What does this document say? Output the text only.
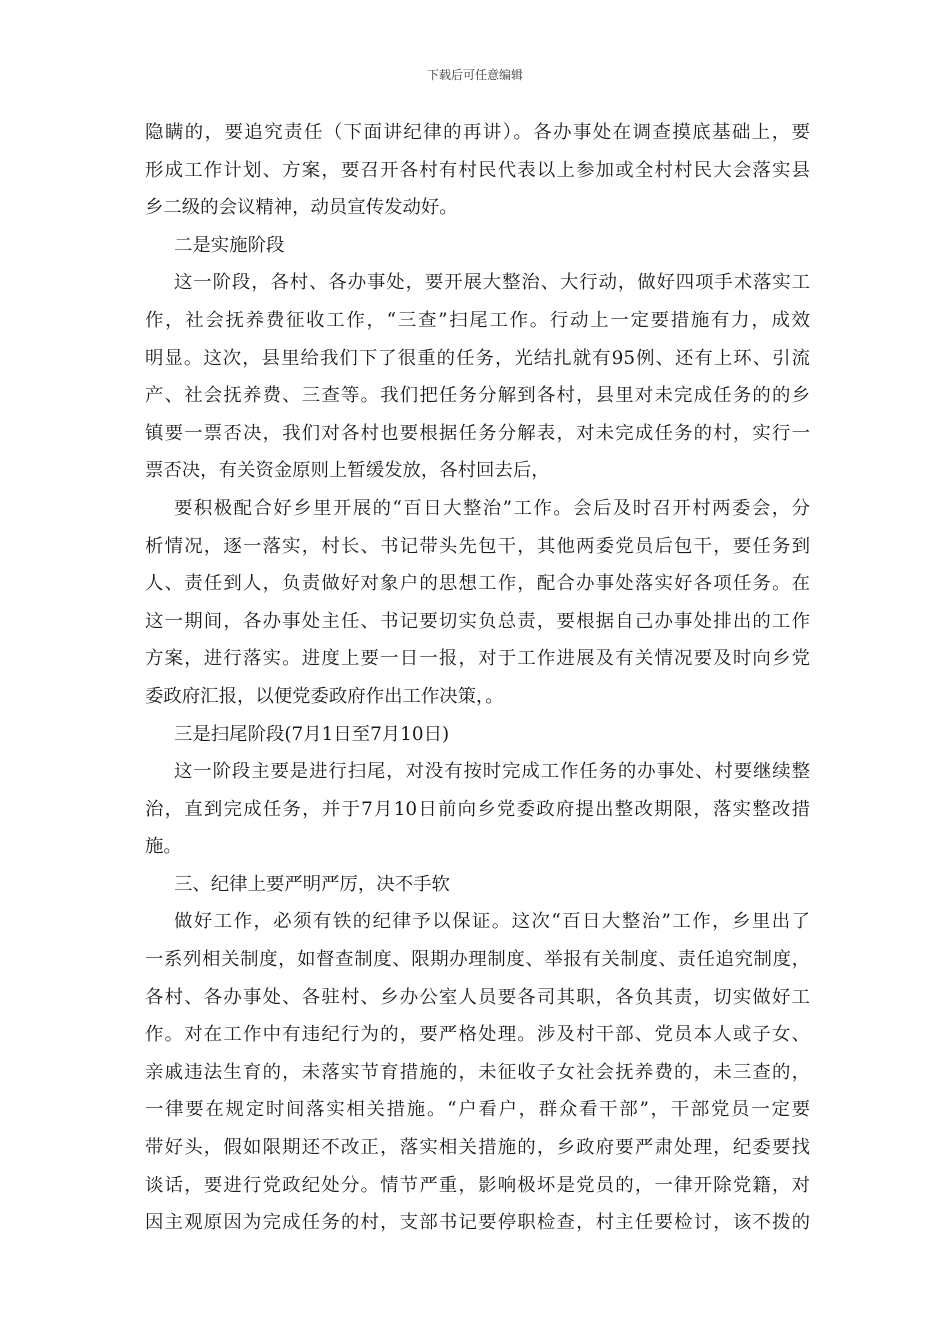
下载后可任意编辑
隐瞒的，要追究责任（下面讲纪律的再讲）。各办事处在调查摸底基础上，要
形成工作计划、方案，要召开各村有村民代表以上参加或全村村民大会落实县
乡二级的会议精神，动员宣传发动好。
二是实施阶段
这一阶段，各村、各办事处，要开展大整治、大行动，做好四项手术落实工
作，社会抚养费征收工作，“三查”扫尾工作。行动上一定要措施有力，成效
明显。这次，县里给我们下了很重的任务，光结扎就有95例、还有上环、引流
产、社会抚养费、三查等。我们把任务分解到各村，县里对未完成任务的的乡
镇要一票否决，我们对各村也要根据任务分解表，对未完成任务的村，实行一
票否决，有关资金原则上暂缓发放，各村回去后，
要积极配合好乡里开展的“百日大整治”工作。会后及时召开村两委会，分
析情况，逐一落实，村长、书记带头先包干，其他两委党员后包干，要任务到
人、责任到人，负责做好对象户的思想工作，配合办事处落实好各项任务。在
这一期间，各办事处主任、书记要切实负总责，要根据自己办事处排出的工作
方案，进行落实。进度上要一日一报，对于工作进展及有关情况要及时向乡党
委政府汇报，以便党委政府作出工作决策，。
三是扫尾阶段(7月1日至7月10日)
这一阶段主要是进行扫尾，对没有按时完成工作任务的办事处、村要继续整
治，直到完成任务，并于7月10日前向乡党委政府提出整改期限，落实整改措
施。
三、纪律上要严明严厉，决不手软
做好工作，必须有铁的纪律予以保证。这次“百日大整治”工作，乡里出了
一系列相关制度，如督查制度、限期办理制度、举报有关制度、责任追究制度，
各村、各办事处、各驻村、乡办公室人员要各司其职，各负其责，切实做好工
作。对在工作中有违纪行为的，要严格处理。涉及村干部、党员本人或子女、
亲戚违法生育的，未落实节育措施的，未征收子女社会抚养费的，未三查的，
一律要在规定时间落实相关措施。“户看户，群众看干部”，干部党员一定要
带好头，假如限期还不改正，落实相关措施的，乡政府要严肃处理，纪委要找
谈话，要进行党政纪处分。情节严重，影响极坏是党员的，一律开除党籍，对
因主观原因为完成任务的村，支部书记要停职检查，村主任要检讨，该不拨的
